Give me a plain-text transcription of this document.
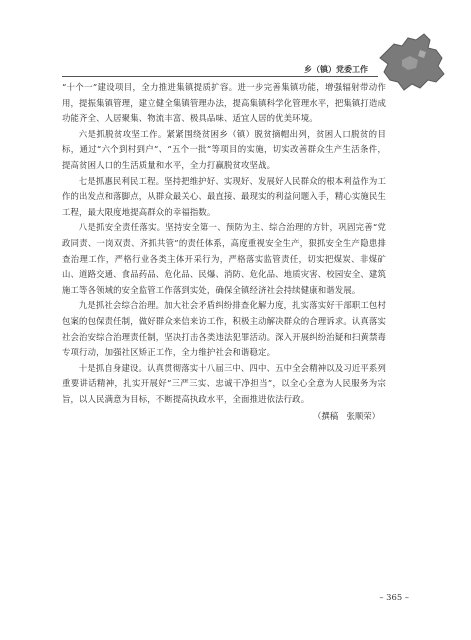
乡（镇）党委工作

“十个一”建设项目，全力推进集镇提质扩容。进一步完善集镇功能，增强辐射带动作用，提振集镇管理，建立健全集镇管理办法，提高集镇科学化管理水平，把集镇打造成功能齐全、人居聚集、物流丰富、极具品味、适宜人居的优美环境。

六是抓脱贫攻坚工作。紧紧围绕贫困乡（镇）脱贫摘帽出列，贫困人口脱贫的目标，通过“六个到村到户”、“五个一批”等项目的实施，切实改善群众生产生活条件，提高贫困人口的生活质量和水平，全力打赢脱贫攻坚战。

七是抓惠民利民工程。坚持把维护好、实现好、发展好人民群众的根本利益作为工作的出发点和落脚点，从群众最关心、最直接、最现实的利益问题入手，精心实施民生工程，最大限度地提高群众的幸福指数。

八是抓安全责任落实。坚持安全第一、预防为主、综合治理的方针，巩固完善“党政同责、一岗双责、齐抓共管”的责任体系，高度重视安全生产，狠抓安全生产隐患排查治理工作，严格行业各类主体开采行为，严格落实监管责任，切实把煤炭、非煤矿山、道路交通、食品药品、危化品、民爆、消防、危化品、地质灾害、校园安全、建筑施工等各领域的安全监管工作落到实处，确保全镇经济社会持续健康和谐发展。

九是抓社会综合治理。加大社会矛盾纠纷排查化解力度，扎实落实好干部职工包村包案的包保责任制，做好群众来信来访工作，积极主动解决群众的合理诉求。认真落实社会治安综合治理责任制，坚决打击各类违法犯罪活动。深入开展纠纷治疑和扫黄禁毒专项行动，加强社区矫正工作，全力维护社会和谐稳定。

十是抓自身建设。认真贯彻落实十八届三中、四中、五中全会精神以及习近平系列重要讲话精神，扎实开展好“三严三实、忠诚干净担当”，以全心全意为人民服务为宗旨，以人民满意为目标，不断提高执政水平，全面推进依法行政。

（撰稿　张顺荣）

– 365 –
